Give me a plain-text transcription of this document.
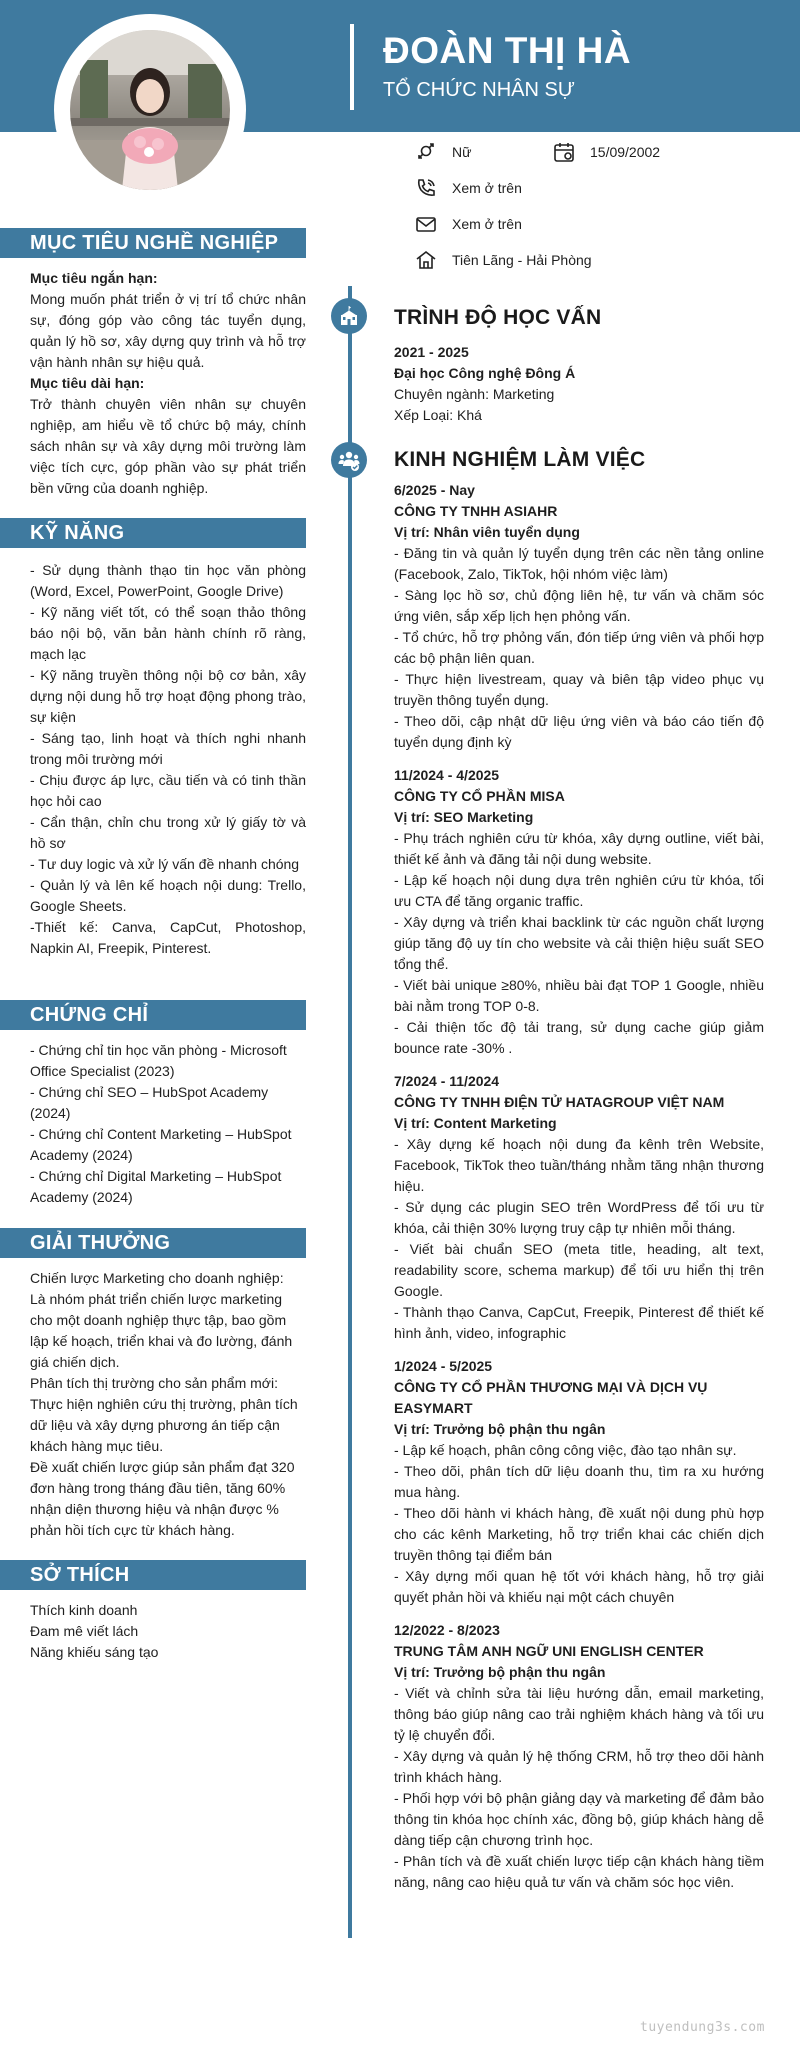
ĐOÀN THỊ HÀ
TỔ CHỨC NHÂN SỰ
Nữ	15/09/2002
Xem ở trên
Xem ở trên
Tiên Lãng - Hải Phòng
MỤC TIÊU NGHỀ NGHIỆP
Mục tiêu ngắn hạn:
Mong muốn phát triển ở vị trí tổ chức nhân sự, đóng góp vào công tác tuyển dụng, quản lý hồ sơ, xây dựng quy trình và hỗ trợ vận hành nhân sự hiệu quả.
Mục tiêu dài hạn:
Trở thành chuyên viên nhân sự chuyên nghiệp, am hiểu về tổ chức bộ máy, chính sách nhân sự và xây dựng môi trường làm việc tích cực, góp phần vào sự phát triển bền vững của doanh nghiệp.
KỸ NĂNG
- Sử dụng thành thạo tin học văn phòng (Word, Excel, PowerPoint, Google Drive)
- Kỹ năng viết tốt, có thể soạn thảo thông báo nội bộ, văn bản hành chính rõ ràng, mạch lạc
- Kỹ năng truyền thông nội bộ cơ bản, xây dựng nội dung hỗ trợ hoạt động phong trào, sự kiện
- Sáng tạo, linh hoạt và thích nghi nhanh trong môi trường mới
- Chịu được áp lực, cầu tiến và có tinh thần học hỏi cao
- Cẩn thận, chỉn chu trong xử lý giấy tờ và hồ sơ
- Tư duy logic và xử lý vấn đề nhanh chóng
- Quản lý và lên kế hoạch nội dung: Trello, Google Sheets.
-Thiết kế: Canva, CapCut, Photoshop, Napkin AI, Freepik, Pinterest.
CHỨNG CHỈ
- Chứng chỉ tin học văn phòng - Microsoft Office Specialist (2023)
- Chứng chỉ SEO – HubSpot Academy (2024)
- Chứng chỉ Content Marketing – HubSpot Academy (2024)
- Chứng chỉ Digital Marketing – HubSpot Academy (2024)
GIẢI THƯỞNG
Chiến lược Marketing cho doanh nghiệp:
Là nhóm phát triển chiến lược marketing cho một doanh nghiệp thực tập, bao gồm lập kế hoạch, triển khai và đo lường, đánh giá chiến dịch.
Phân tích thị trường cho sản phẩm mới:
Thực hiện nghiên cứu thị trường, phân tích dữ liệu và xây dựng phương án tiếp cận khách hàng mục tiêu.
Đề xuất chiến lược giúp sản phẩm đạt 320 đơn hàng trong tháng đầu tiên, tăng 60% nhận diện thương hiệu và nhận được % phản hồi tích cực từ khách hàng.
SỞ THÍCH
Thích kinh doanh
Đam mê viết lách
Năng khiếu sáng tạo
TRÌNH ĐỘ HỌC VẤN
2021 - 2025
Đại học Công nghệ Đông Á
Chuyên ngành: Marketing
Xếp Loại: Khá
KINH NGHIỆM LÀM VIỆC
6/2025 - Nay
CÔNG TY TNHH ASIAHR
Vị trí: Nhân viên tuyển dụng
- Đăng tin và quản lý tuyển dụng trên các nền tảng online (Facebook, Zalo, TikTok, hội nhóm việc làm)
- Sàng lọc hồ sơ, chủ động liên hệ, tư vấn và chăm sóc ứng viên, sắp xếp lịch hẹn phỏng vấn.
- Tổ chức, hỗ trợ phỏng vấn, đón tiếp ứng viên và phối hợp các bộ phận liên quan.
- Thực hiện livestream, quay và biên tập video phục vụ truyền thông tuyển dụng.
- Theo dõi, cập nhật dữ liệu ứng viên và báo cáo tiến độ tuyển dụng định kỳ
11/2024 - 4/2025
CÔNG TY CỔ PHẦN MISA
Vị trí: SEO Marketing
- Phụ trách nghiên cứu từ khóa, xây dựng outline, viết bài, thiết kế ảnh và đăng tải nội dung website.
- Lập kế hoạch nội dung dựa trên nghiên cứu từ khóa, tối ưu CTA để tăng organic traffic.
- Xây dựng và triển khai backlink từ các nguồn chất lượng giúp tăng độ uy tín cho website và cải thiện hiệu suất SEO tổng thể.
- Viết bài unique ≥80%, nhiều bài đạt TOP 1 Google, nhiều bài nằm trong TOP 0-8.
- Cải thiện tốc độ tải trang, sử dụng cache giúp giảm bounce rate -30% .
7/2024 - 11/2024
CÔNG TY TNHH ĐIỆN TỬ HATAGROUP VIỆT NAM
Vị trí: Content Marketing
- Xây dựng kế hoạch nội dung đa kênh trên Website, Facebook, TikTok theo tuần/tháng nhằm tăng nhận thương hiệu.
- Sử dụng các plugin SEO trên WordPress để tối ưu từ khóa, cải thiện 30% lượng truy cập tự nhiên mỗi tháng.
- Viết bài chuẩn SEO (meta title, heading, alt text, readability score, schema markup) để tối ưu hiển thị trên Google.
- Thành thạo Canva, CapCut, Freepik, Pinterest để thiết kế hình ảnh, video, infographic
1/2024 - 5/2025
CÔNG TY CỔ PHẦN THƯƠNG MẠI VÀ DỊCH VỤ EASYMART
Vị trí: Trưởng bộ phận thu ngân
- Lập kế hoạch, phân công công việc, đào tạo nhân sự.
- Theo dõi, phân tích dữ liệu doanh thu, tìm ra xu hướng mua hàng.
- Theo dõi hành vi khách hàng, đề xuất nội dung phù hợp cho các kênh Marketing, hỗ trợ triển khai các chiến dịch truyền thông tại điểm bán
- Xây dựng mối quan hệ tốt với khách hàng, hỗ trợ giải quyết phản hồi và khiếu nại một cách chuyên
12/2022 - 8/2023
TRUNG TÂM ANH NGỮ UNI ENGLISH CENTER
Vị trí: Trưởng bộ phận thu ngân
- Viết và chỉnh sửa tài liệu hướng dẫn, email marketing, thông báo giúp nâng cao trải nghiệm khách hàng và tối ưu tỷ lệ chuyển đổi.
- Xây dựng và quản lý hệ thống CRM, hỗ trợ theo dõi hành trình khách hàng.
- Phối hợp với bộ phận giảng dạy và marketing để đảm bảo thông tin khóa học chính xác, đồng bộ, giúp khách hàng dễ dàng tiếp cận chương trình học.
- Phân tích và đề xuất chiến lược tiếp cận khách hàng tiềm năng, nâng cao hiệu quả tư vấn và chăm sóc học viên.
tuyendung3s.com
